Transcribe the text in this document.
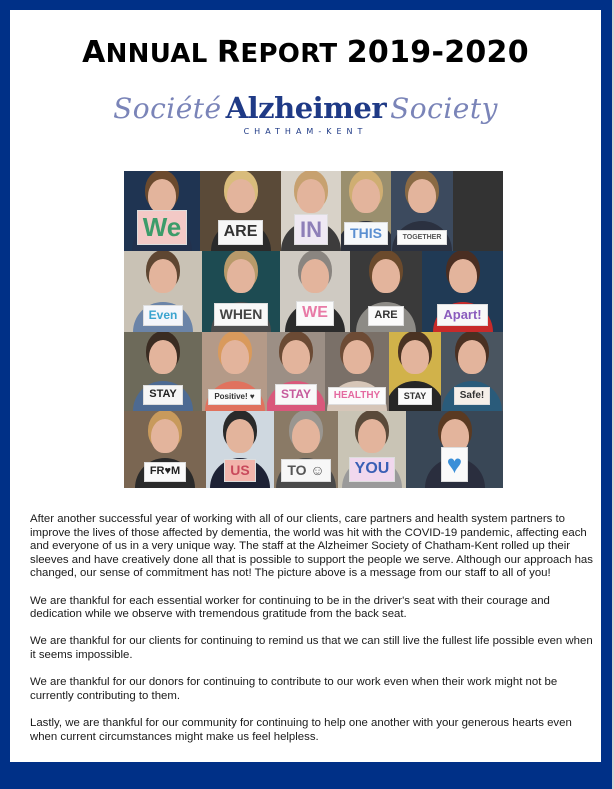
ANNUAL REPORT 2019-2020
Société Alzheimer Society
CHATHAM-KENT
We	ARE IN	THIS	TOGETHER
Even	WHEN	WE	ARE	Apart!
STAY	Positive! ♥	STAY	HEALTHY	STAY	Safe!
FR♥M	US	TO ☺	YOU ♥

After another successful year of working with all of our clients, care partners and health system partners to improve the lives of those affected by dementia, the world was hit with the COVID-19 pandemic, affecting each and everyone of us in a very unique way. The staff at the Alzheimer Society of Chatham-Kent rolled up their sleeves and have creatively done all that is possible to support the people we serve. Although our approach has changed, our sense of commitment has not! The picture above is a message from our staff to all of you!

We are thankful for each essential worker for continuing to be in the driver's seat with their courage and dedication while we observe with tremendous gratitude from the back seat.

We are thankful for our clients for continuing to remind us that we can still live the fullest life possible even when it seems impossible.

We are thankful for our donors for continuing to contribute to our work even when their work might not be currently contributing to them.

Lastly, we are thankful for our community for continuing to help one another with your generous hearts even when current circumstances might make us feel helpless.
